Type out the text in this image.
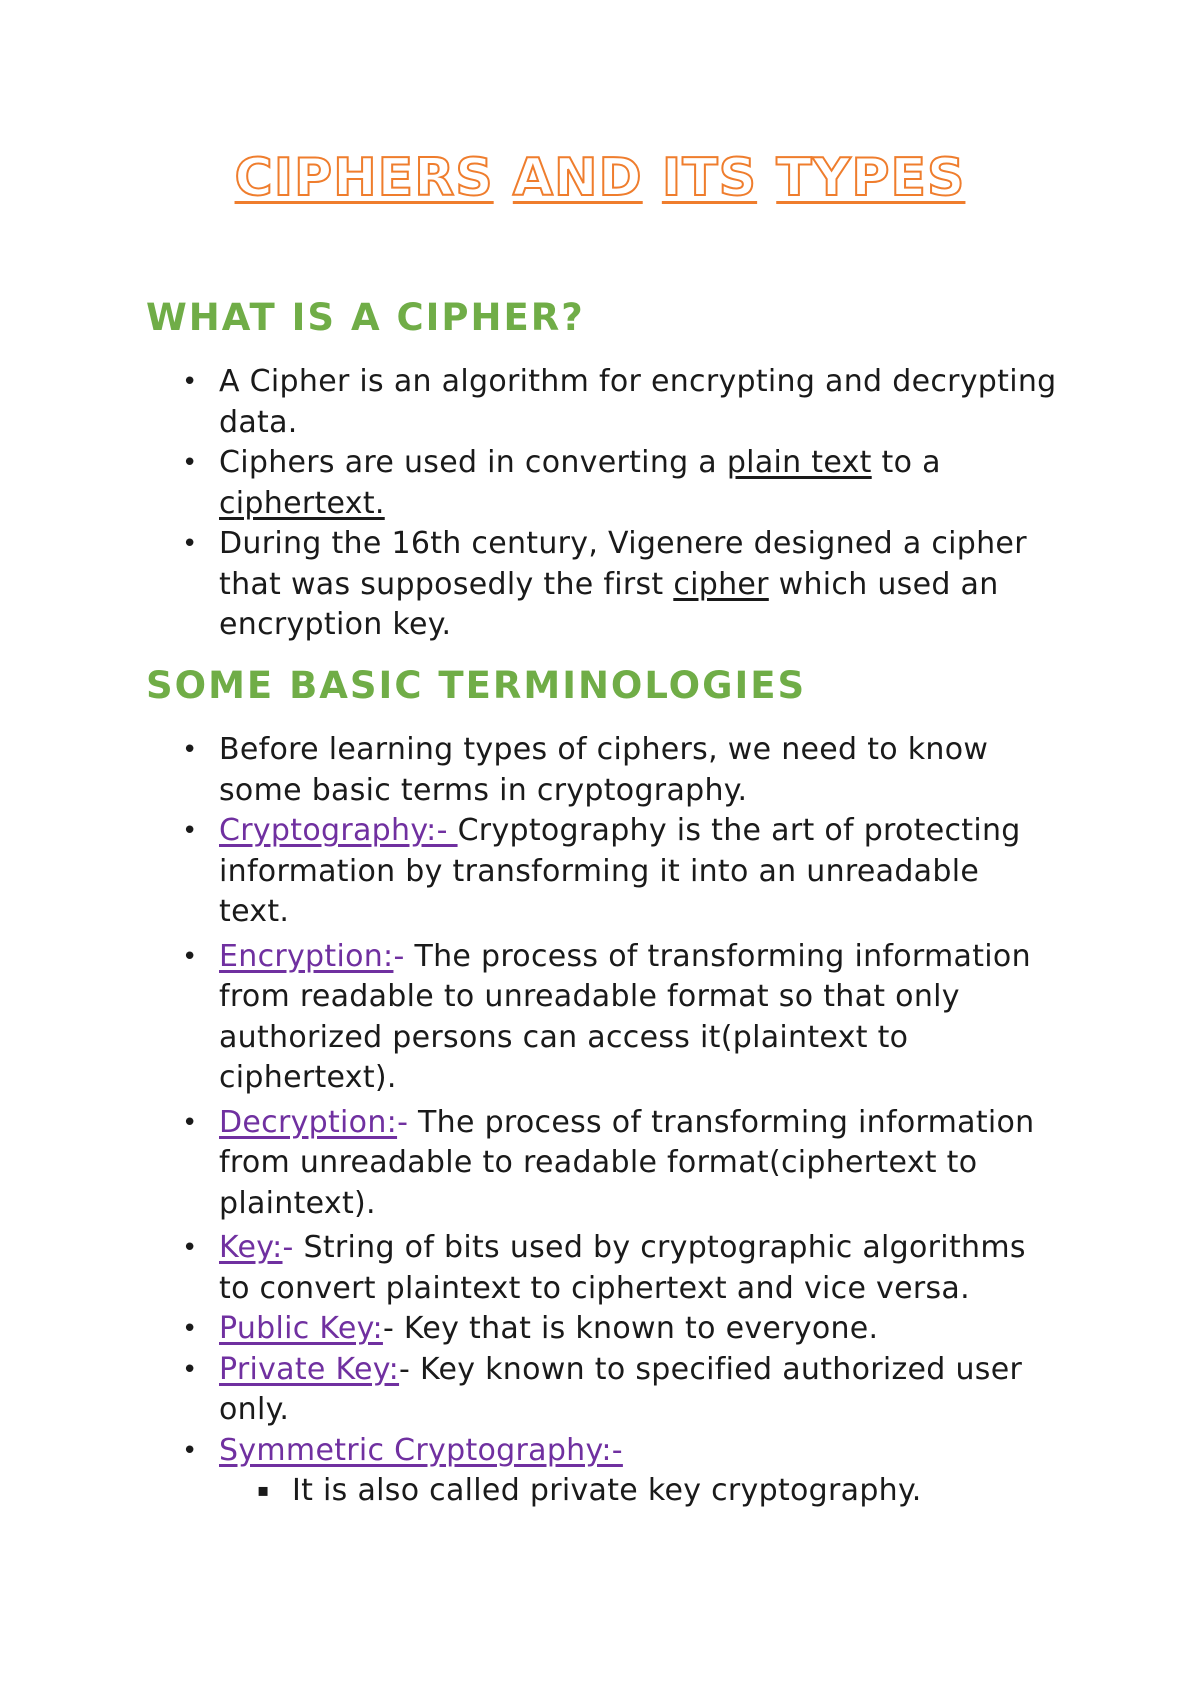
CIPHERS AND ITS TYPES
WHAT IS A CIPHER?
• A Cipher is an algorithm for encrypting and decrypting data.
• Ciphers are used in converting a plain text to a ciphertext.
• During the 16th century, Vigenere designed a cipher that was supposedly the first cipher which used an encryption key.
SOME BASIC TERMINOLOGIES
• Before learning types of ciphers, we need to know some basic terms in cryptography.
• Cryptography:- Cryptography is the art of protecting information by transforming it into an unreadable text.
• Encryption:- The process of transforming information from readable to unreadable format so that only authorized persons can access it(plaintext to ciphertext).
• Decryption:- The process of transforming information from unreadable to readable format(ciphertext to plaintext).
• Key:- String of bits used by cryptographic algorithms to convert plaintext to ciphertext and vice versa.
• Public Key:- Key that is known to everyone.
• Private Key:- Key known to specified authorized user only.
• Symmetric Cryptography:-
▪ It is also called private key cryptography.
